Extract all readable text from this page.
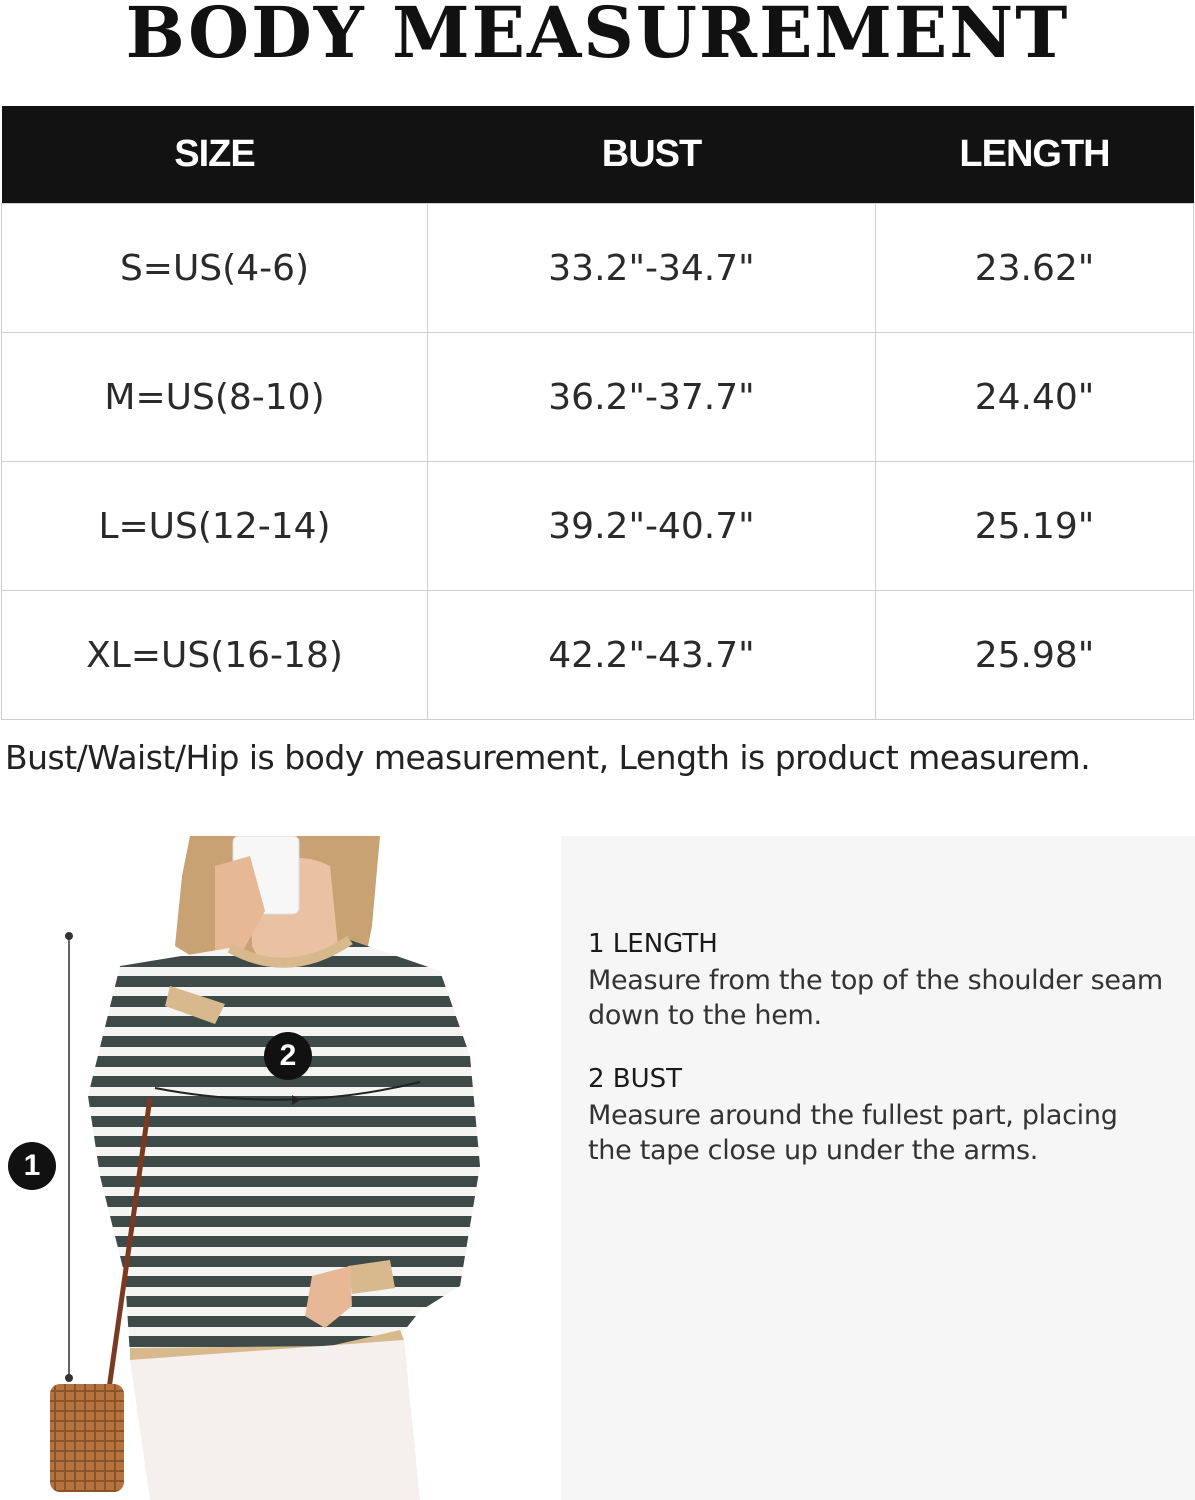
BODY MEASUREMENT
SIZE	BUST	LENGTH
S=US(4-6)	33.2"-34.7"	23.62"
M=US(8-10)	36.2"-37.7"	24.40"
L=US(12-14)	39.2"-40.7"	25.19"
XL=US(16-18)	42.2"-43.7"	25.98"
Bust/Waist/Hip is body measurement, Length is product measurem.
1
2
1 LENGTH
Measure from the top of the shoulder seam down to the hem.
2 BUST
Measure around the fullest part, placing the tape close up under the arms.
